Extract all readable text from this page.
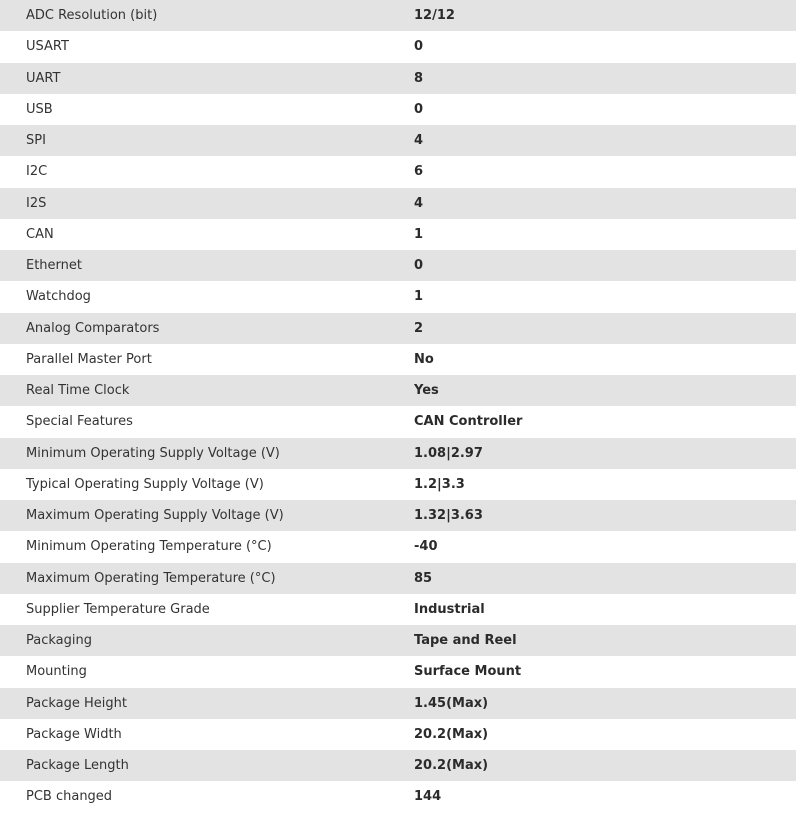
ADC Resolution (bit)	12/12
USART	0
UART	8
USB	0
SPI	4
I2C	6
I2S	4
CAN	1
Ethernet	0
Watchdog	1
Analog Comparators	2
Parallel Master Port	No
Real Time Clock	Yes
Special Features	CAN Controller
Minimum Operating Supply Voltage (V)	1.08|2.97
Typical Operating Supply Voltage (V)	1.2|3.3
Maximum Operating Supply Voltage (V)	1.32|3.63
Minimum Operating Temperature (°C)	-40
Maximum Operating Temperature (°C)	85
Supplier Temperature Grade	Industrial
Packaging	Tape and Reel
Mounting	Surface Mount
Package Height	1.45(Max)
Package Width	20.2(Max)
Package Length	20.2(Max)
PCB changed	144
